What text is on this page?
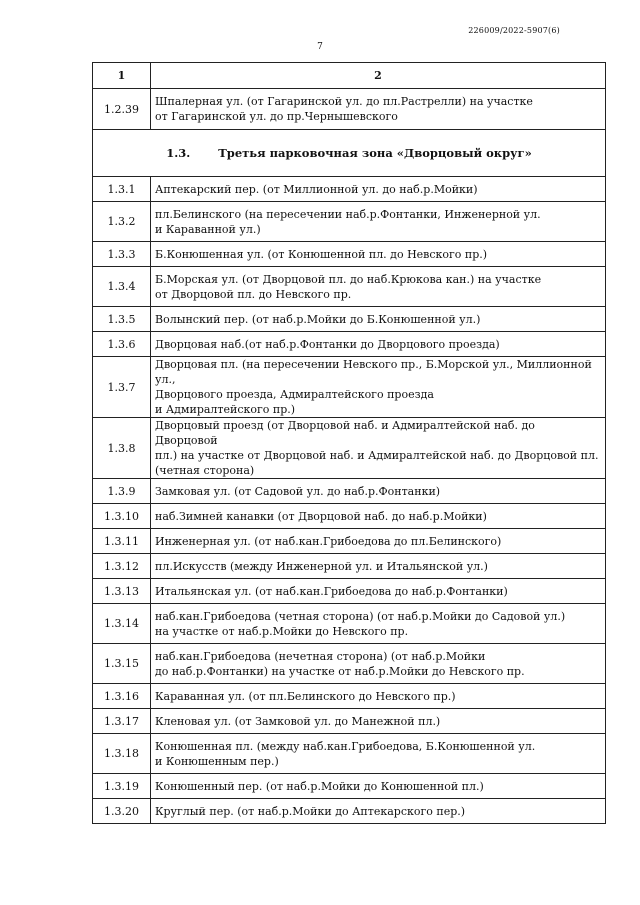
226009/2022-5907(6)
7
1	2
1.2.39	Шпалерная ул. (от Гагаринской ул. до пл.Растрелли) на участке
от Гагаринской ул. до пр.Чернышевского

1.3. Третья парковочная зона «Дворцовый округ»	
1.3.1	Аптекарский пер. (от Миллионной ул. до наб.р.Мойки)

1.3.2	пл.Белинского (на пересечении наб.р.Фонтанки, Инженерной ул.
и Караванной ул.)

1.3.3	Б.Конюшенная ул. (от Конюшенной пл. до Невского пр.)

1.3.4	Б.Морская ул. (от Дворцовой пл. до наб.Крюкова кан.) на участке
от Дворцовой пл. до Невского пр.

1.3.5	Волынский пер. (от наб.р.Мойки до Б.Конюшенной ул.)

1.3.6	Дворцовая наб.(от наб.р.Фонтанки до Дворцового проезда)

1.3.7	Дворцовая пл. (на пересечении Невского пр., Б.Морской ул., Миллионной ул.,
Дворцового проезда, Адмиралтейского проезда
и Адмиралтейского пр.)

1.3.8	Дворцовый проезд (от Дворцовой наб. и Адмиралтейской наб. до Дворцовой
пл.) на участке от Дворцовой наб. и Адмиралтейской наб. до Дворцовой пл.
(четная сторона)

1.3.9	Замковая ул. (от Садовой ул. до наб.р.Фонтанки)

1.3.10	наб.Зимней канавки (от Дворцовой наб. до наб.р.Мойки)

1.3.11	Инженерная ул. (от наб.кан.Грибоедова до пл.Белинского)

1.3.12	пл.Искусств (между Инженерной ул. и Итальянской ул.)

1.3.13	Итальянская ул. (от наб.кан.Грибоедова до наб.р.Фонтанки)

1.3.14	наб.кан.Грибоедова (четная сторона) (от наб.р.Мойки до Садовой ул.)
на участке от наб.р.Мойки до Невского пр.

1.3.15	наб.кан.Грибоедова (нечетная сторона) (от наб.р.Мойки
до наб.р.Фонтанки) на участке от наб.р.Мойки до Невского пр.

1.3.16	Караванная ул. (от пл.Белинского до Невского пр.)

1.3.17	Кленовая ул. (от Замковой ул. до Манежной пл.)

1.3.18	Конюшенная пл. (между наб.кан.Грибоедова, Б.Конюшенной ул.
и Конюшенным пер.)

1.3.19	Конюшенный пер. (от наб.р.Мойки до Конюшенной пл.)

1.3.20	Круглый пер. (от наб.р.Мойки до Аптекарского пер.)
